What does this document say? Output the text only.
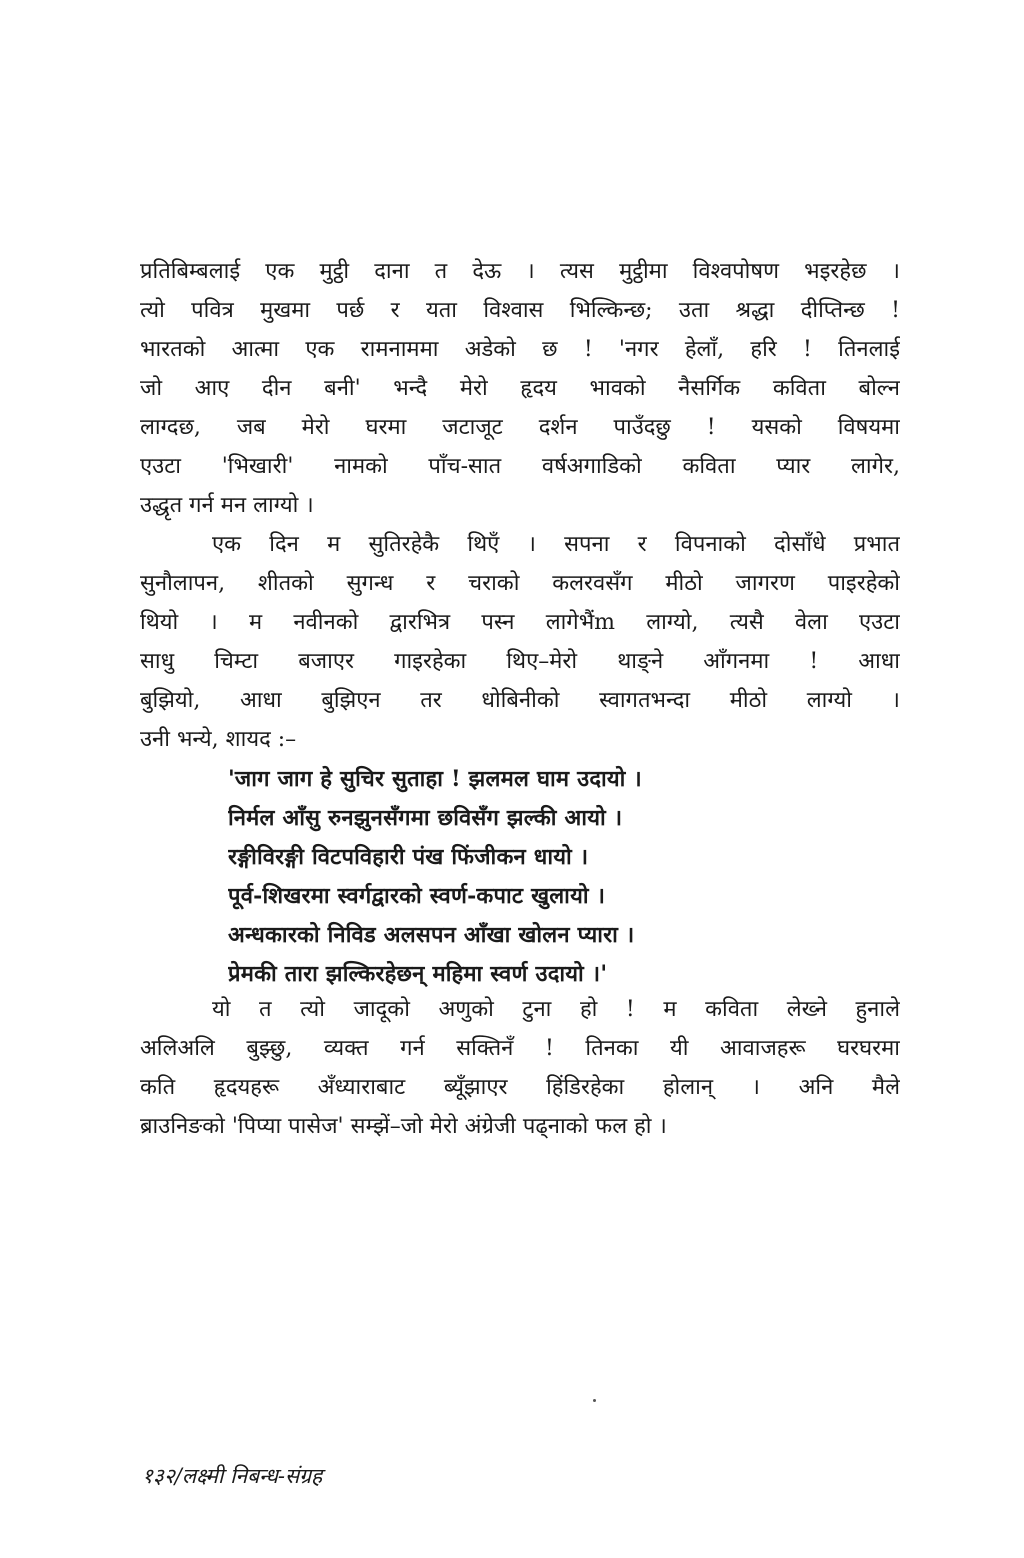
प्रतिबिम्बलाई एक मुट्ठी दाना त देऊ । त्यस मुट्ठीमा विश्वपोषण भइरहेछ ।
त्यो पवित्र मुखमा पर्छ र यता विश्वास भिल्किन्छ; उता श्रद्धा दीप्तिन्छ !
भारतको आत्मा एक रामनाममा अडेको छ ! 'नगर हेलाँ, हरि ! तिनलाई
जो आए दीन बनी' भन्दै मेरो हृदय भावको नैसर्गिक कविता बोल्न
लाग्दछ, जब मेरो घरमा जटाजूट दर्शन पाउँदछु ! यसको विषयमा
एउटा 'भिखारी' नामको पाँच-सात वर्षअगाडिको कविता प्यार लागेर,
उद्धृत गर्न मन लाग्यो ।
एक दिन म सुतिरहेकै थिएँ । सपना र विपनाको दोसाँधे प्रभात
सुनौलापन, शीतको सुगन्ध र चराको कलरवसँग मीठो जागरण पाइरहेको
थियो । म नवीनको द्वारभित्र पस्न लागेभैंm लाग्यो, त्यसै वेला एउटा
साधु चिम्टा बजाएर गाइरहेका थिए–मेरो थाङ्ने आँगनमा ! आधा
बुझियो, आधा बुझिएन तर धोबिनीको स्वागतभन्दा मीठो लाग्यो ।
उनी भन्ये, शायद :–
'जाग जाग हे सुचिर सुताहा ! झलमल घाम उदायो ।
निर्मल आँसु रुनझुनसँगमा छविसँग झल्की आयो ।
रङ्गीविरङ्गी विटपविहारी पंख फिंजीकन धायो ।
पूर्व-शिखरमा स्वर्गद्वारको स्वर्ण-कपाट खुलायो ।
अन्धकारको निविड अलसपन आँखा खोलन प्यारा ।
प्रेमकी तारा झल्किरहेछन् महिमा स्वर्ण उदायो ।'
यो त त्यो जादूको अणुको टुना हो ! म कविता लेख्ने हुनाले
अलिअलि बुझ्छु, व्यक्त गर्न सक्तिनँ ! तिनका यी आवाजहरू घरघरमा
कति हृदयहरू अँध्याराबाट ब्यूँझाएर हिंडिरहेका होलान् । अनि मैले
ब्राउनिङको 'पिप्या पासेज' सम्झें–जो मेरो अंग्रेजी पढ्नाको फल हो ।
१३२/लक्ष्मी निबन्ध-संग्रह
